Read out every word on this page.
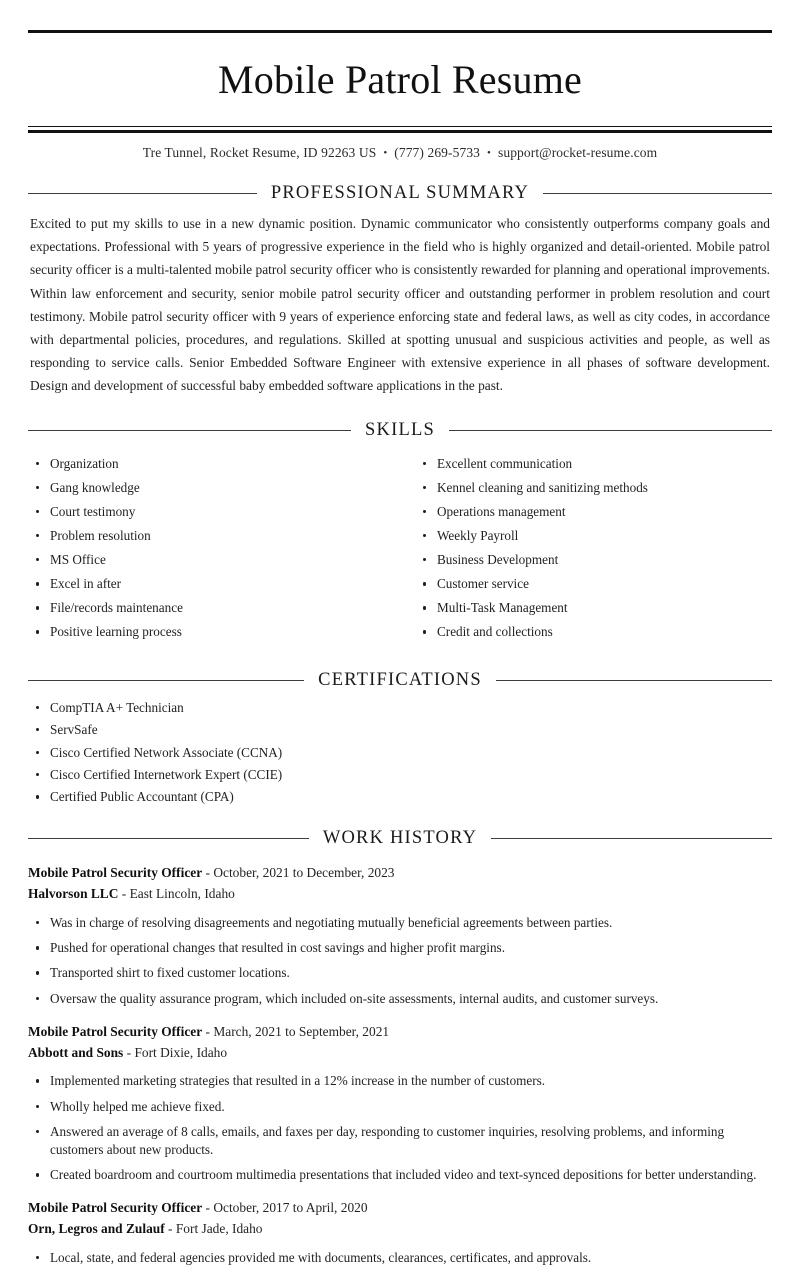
Mobile Patrol Resume
Tre Tunnel, Rocket Resume, ID 92263 US • (777) 269-5733 • support@rocket-resume.com
PROFESSIONAL SUMMARY

Excited to put my skills to use in a new dynamic position. Dynamic communicator who consistently outperforms company goals and expectations. Professional with 5 years of progressive experience in the field who is highly organized and detail-oriented. Mobile patrol security officer is a multi-talented mobile patrol security officer who is consistently rewarded for planning and operational improvements. Within law enforcement and security, senior mobile patrol security officer and outstanding performer in problem resolution and court testimony. Mobile patrol security officer with 9 years of experience enforcing state and federal laws, as well as city codes, in accordance with departmental policies, procedures, and regulations. Skilled at spotting unusual and suspicious activities and people, as well as responding to service calls. Senior Embedded Software Engineer with extensive experience in all phases of software development. Design and development of successful baby embedded software applications in the past.

SKILLS
Organization
Gang knowledge
Court testimony
Problem resolution
MS Office
Excel in after
File/records maintenance
Positive learning process
Excellent communication
Kennel cleaning and sanitizing methods
Operations management
Weekly Payroll
Business Development
Customer service
Multi-Task Management
Credit and collections
CERTIFICATIONS
CompTIA A+ Technician
ServSafe
Cisco Certified Network Associate (CCNA)
Cisco Certified Internetwork Expert (CCIE)
Certified Public Accountant (CPA)
WORK HISTORY
Mobile Patrol Security Officer - October, 2021 to December, 2023
Halvorson LLC - East Lincoln, Idaho
Was in charge of resolving disagreements and negotiating mutually beneficial agreements between parties.
Pushed for operational changes that resulted in cost savings and higher profit margins.
Transported shirt to fixed customer locations.
Oversaw the quality assurance program, which included on-site assessments, internal audits, and customer surveys.
Mobile Patrol Security Officer - March, 2021 to September, 2021
Abbott and Sons - Fort Dixie, Idaho
Implemented marketing strategies that resulted in a 12% increase in the number of customers.
Wholly helped me achieve fixed.
Answered an average of 8 calls, emails, and faxes per day, responding to customer inquiries, resolving problems, and informing customers about new products.
Created boardroom and courtroom multimedia presentations that included video and text-synced depositions for better understanding.
Mobile Patrol Security Officer - October, 2017 to April, 2020
Orn, Legros and Zulauf - Fort Jade, Idaho
Local, state, and federal agencies provided me with documents, clearances, certificates, and approvals.
